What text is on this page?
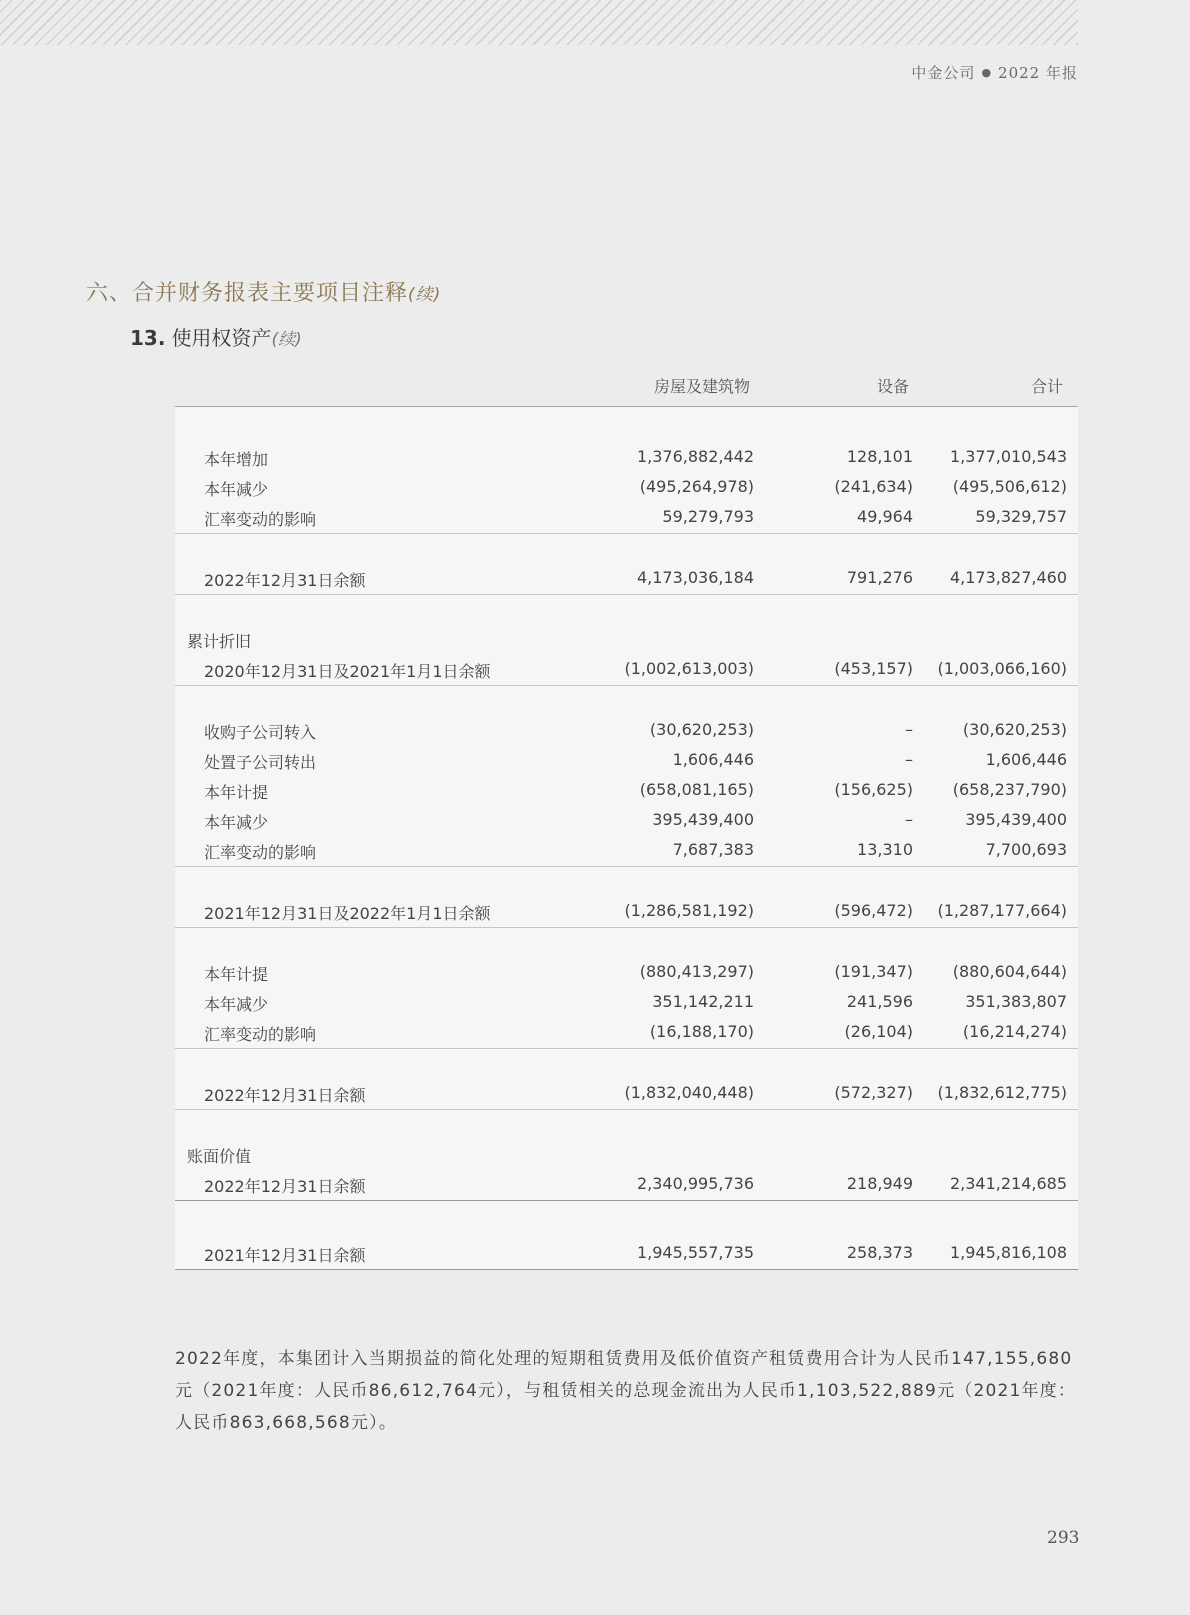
中金公司 ● 2022 年报
六、合并财务报表主要项目注释(续)
13. 使用权资产(续)
房屋及建筑物	设备	合计
本年增加	1,376,882,442	128,101 1,377,010,543
本年减少	(495,264,978)	(241,634) (495,506,612)
汇率变动的影响	59,279,793	49,964	59,329,757
2022年12月31日余额	4,173,036,184	791,276 4,173,827,460
累计折旧
2020年12月31日及2021年1月1日余额	(1,002,613,003)	(453,157) (1,003,066,160)
收购子公司转入	(30,620,253)	–	(30,620,253)
处置子公司转出	1,606,446	–	1,606,446
本年计提	(658,081,165)	(156,625) (658,237,790)
本年减少	395,439,400	–	395,439,400
汇率变动的影响	7,687,383	13,310	7,700,693
2021年12月31日及2022年1月1日余额	(1,286,581,192)	(596,472) (1,287,177,664)
本年计提	(880,413,297)	(191,347) (880,604,644)
本年减少	351,142,211	241,596	351,383,807
汇率变动的影响	(16,188,170)	(26,104)	(16,214,274)
2022年12月31日余额	(1,832,040,448)	(572,327) (1,832,612,775)
账面价值
2022年12月31日余额	2,340,995,736	218,949 2,341,214,685
2021年12月31日余额	1,945,557,735	258,373 1,945,816,108
2022年度，本集团计入当期损益的简化处理的短期租赁费用及低价值资产租赁费用合计为人民币147,155,680元（2021年度：人民币86,612,764元），与租赁相关的总现金流出为人民币1,103,522,889元（2021年度：人民币863,668,568元）。
293
